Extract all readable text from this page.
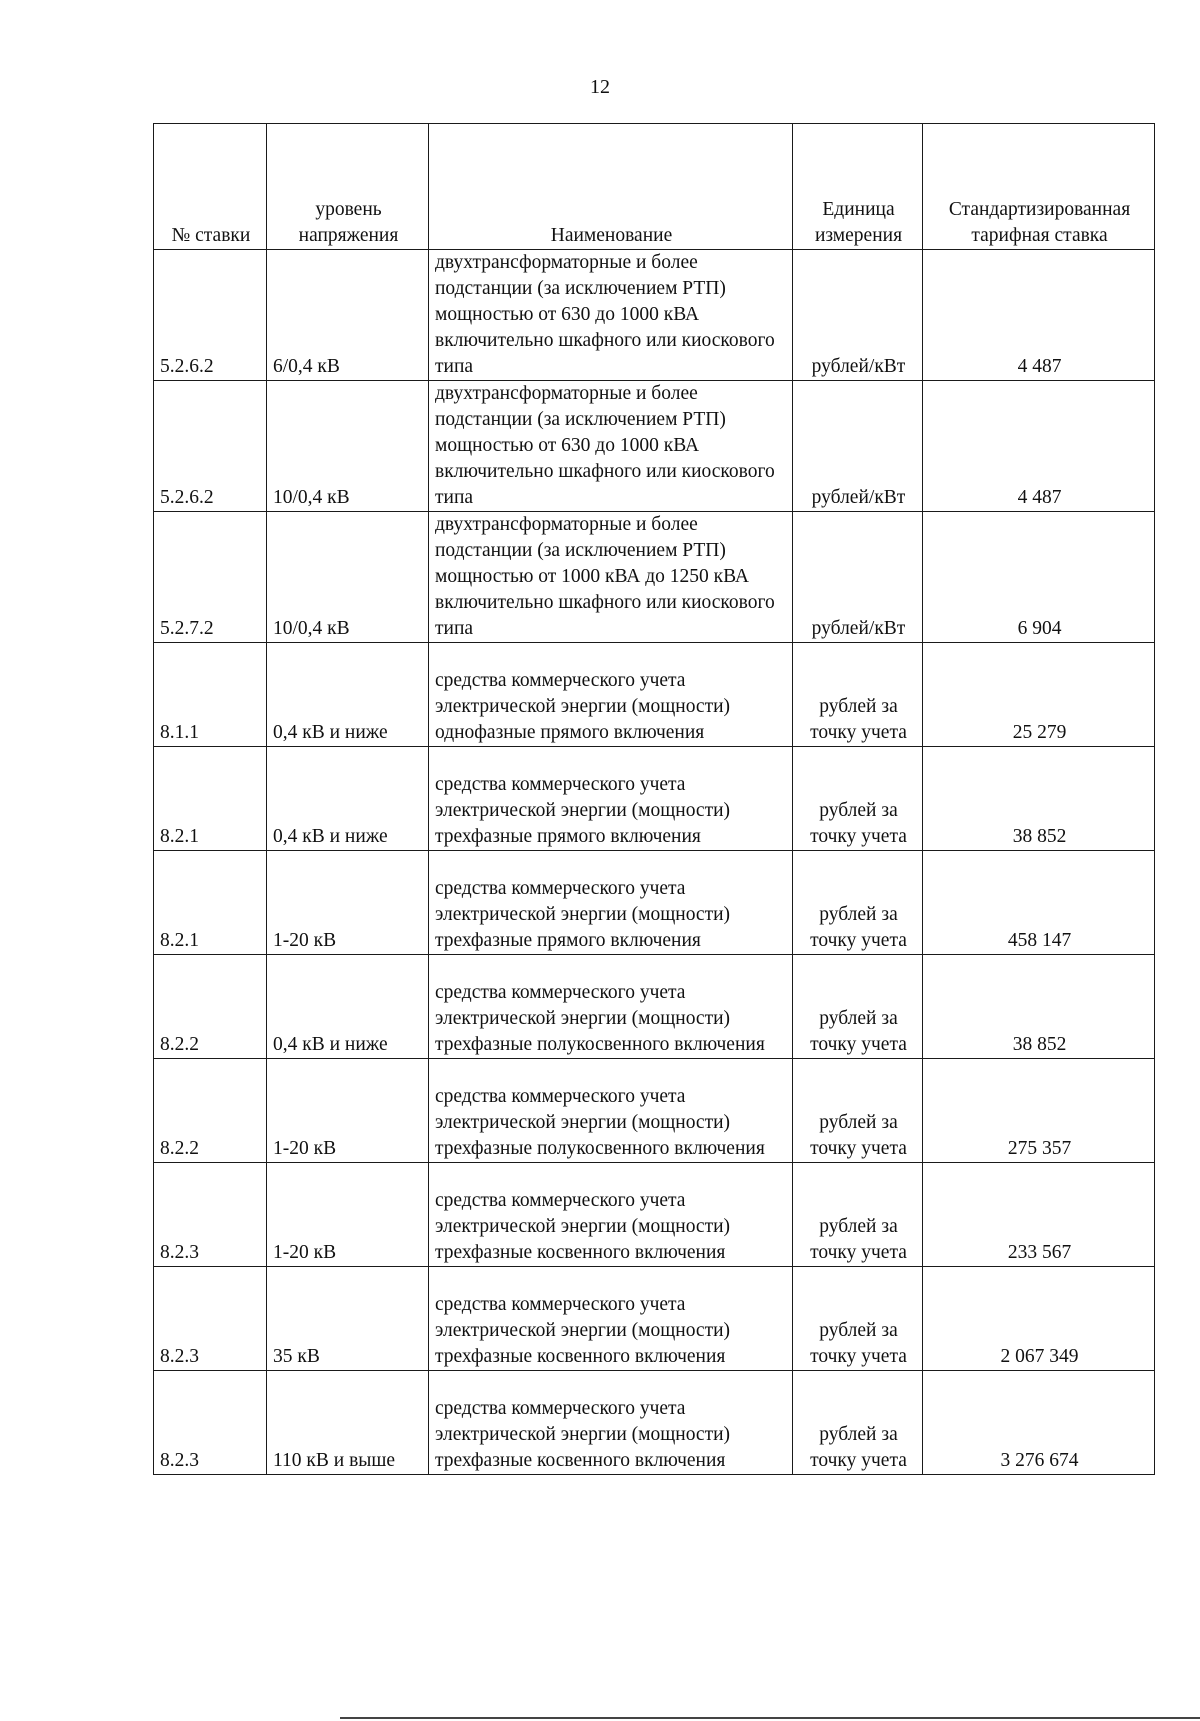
12
№ ставки	уровень напряжения	Наименование	Единица измерения	Стандартизированная тарифная ставка
5.2.6.2	6/0,4 кВ	двухтрансформаторные и более подстанции (за исключением РТП) мощностью от 630 до 1000 кВА включительно шкафного или киоскового типа	рублей/кВт	4 487
5.2.6.2	10/0,4 кВ	двухтрансформаторные и более подстанции (за исключением РТП) мощностью от 630 до 1000 кВА включительно шкафного или киоскового типа	рублей/кВт	4 487
5.2.7.2	10/0,4 кВ	двухтрансформаторные и более подстанции (за исключением РТП) мощностью от 1000 кВА до 1250 кВА включительно шкафного или киоскового типа	рублей/кВт	6 904
8.1.1	0,4 кВ и ниже	средства коммерческого учета электрической энергии (мощности) однофазные прямого включения	рублей за точку учета	25 279
8.2.1	0,4 кВ и ниже	средства коммерческого учета электрической энергии (мощности) трехфазные прямого включения	рублей за точку учета	38 852
8.2.1	1-20 кВ	средства коммерческого учета электрической энергии (мощности) трехфазные прямого включения	рублей за точку учета	458 147
8.2.2	0,4 кВ и ниже	средства коммерческого учета электрической энергии (мощности) трехфазные полукосвенного включения	рублей за точку учета	38 852
8.2.2	1-20 кВ	средства коммерческого учета электрической энергии (мощности) трехфазные полукосвенного включения	рублей за точку учета	275 357
8.2.3	1-20 кВ	средства коммерческого учета электрической энергии (мощности) трехфазные косвенного включения	рублей за точку учета	233 567
8.2.3	35 кВ	средства коммерческого учета электрической энергии (мощности) трехфазные косвенного включения	рублей за точку учета	2 067 349
8.2.3	110 кВ и выше	средства коммерческого учета электрической энергии (мощности) трехфазные косвенного включения	рублей за точку учета	3 276 674
